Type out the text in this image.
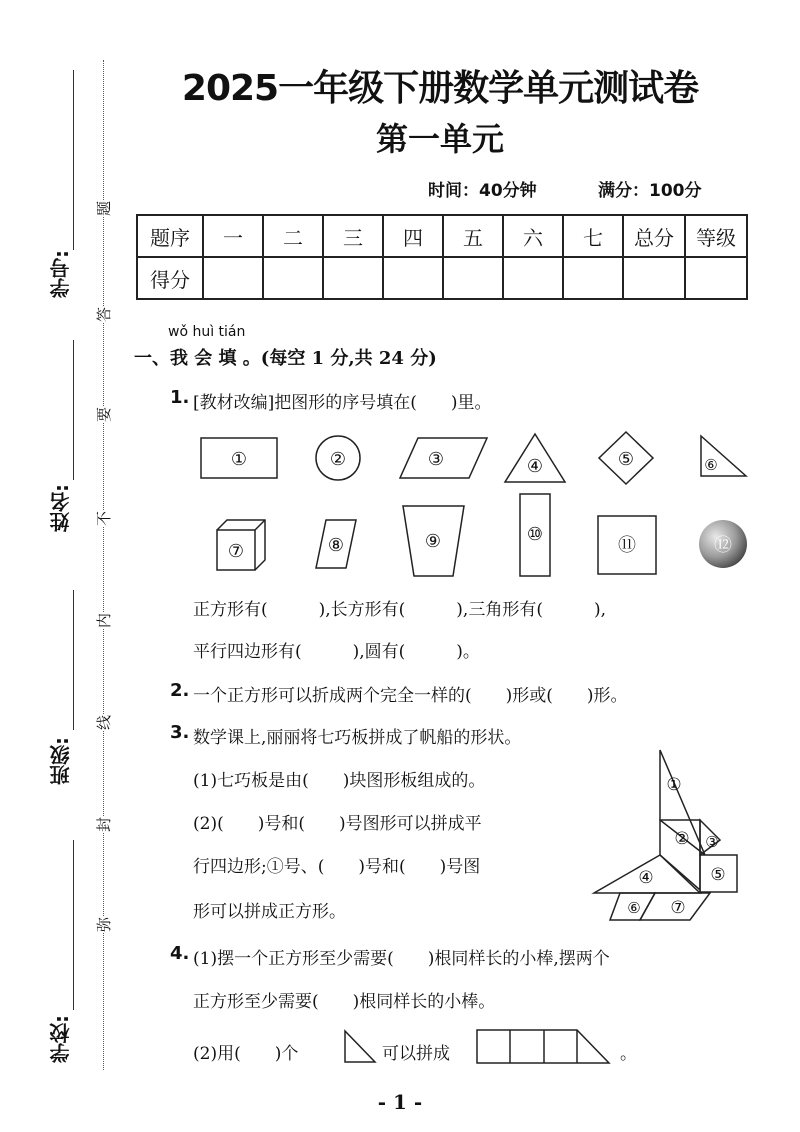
学号:
姓名:
班级:
学校:
题
答
要
不
内
线
封
弥
2025一年级下册数学单元测试卷
第一单元
时间：40分钟	满分：100分
题序	一	二	三	四	五	六	七	总分	等级
得分									
wǒ huì tián
一、我 会 填 。(每空 1 分,共 24 分)
1. [教材改编]把图形的序号填在(　　)里。
①	②	③	④	⑤	⑥
⑦	⑧	⑨	⑩
⑪	⑫
正方形有(　　　),长方形有(　　　),三角形有(　　　),
平行四边形有(　　　),圆有(　　　)。
2. 一个正方形可以折成两个完全一样的(　　)形或(　　)形。
3. 数学课上,丽丽将七巧板拼成了帆船的形状。
(1)七巧板是由(　　)块图形板组成的。
(2)(　　)号和(　　)号图形可以拼成平
行四边形;①号、(　　)号和(　　)号图
形可以拼成正方形。
①
② ③
④	⑤
⑥ ⑦
4. (1)摆一个正方形至少需要(　　)根同样长的小棒,摆两个
正方形至少需要(　　)根同样长的小棒。
(2)用(　　)个	可以拼成	。
- 1 -
